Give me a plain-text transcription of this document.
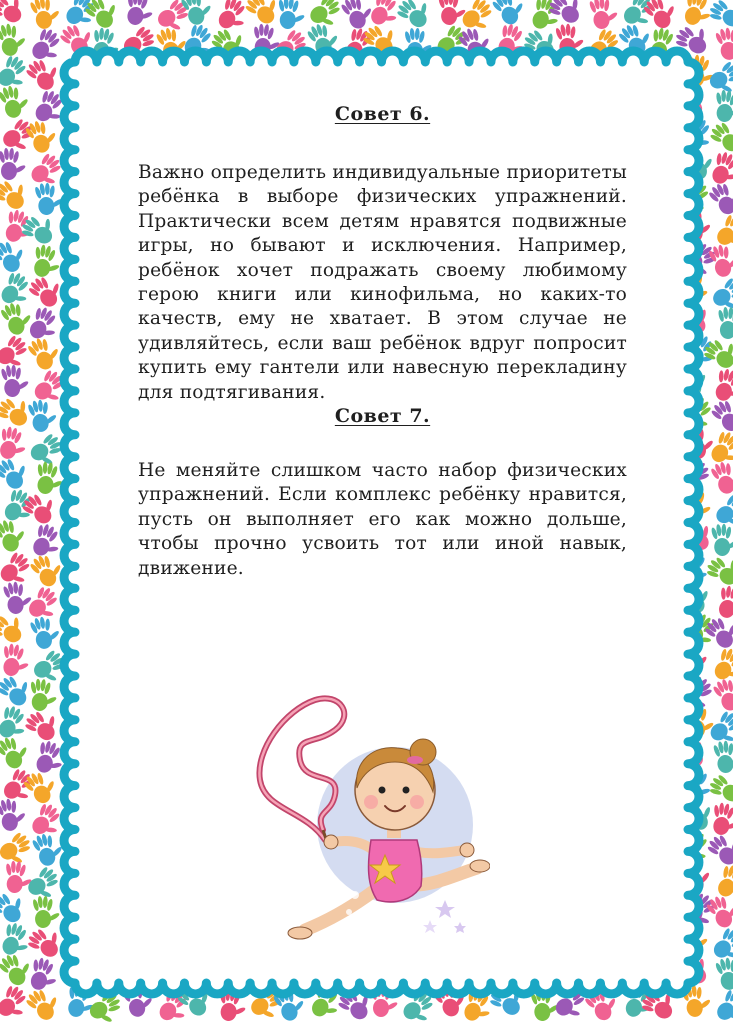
Совет 6.

Важно определить индивидуальные приоритеты ребёнка в выборе физических упражнений. Практически всем детям нравятся подвижные игры, но бывают и исключения. Например, ребёнок хочет подражать своему любимому герою книги или кинофильма, но каких-то качеств, ему не хватает. В этом случае не удивляйтесь, если ваш ребёнок вдруг попросит купить ему гантели или навесную перекладину для подтягивания.

Совет 7.

Не меняйте слишком часто набор физических упражнений. Если комплекс ребёнку нравится, пусть он выполняет его как можно дольше, чтобы прочно усвоить тот или иной навык, движение.
